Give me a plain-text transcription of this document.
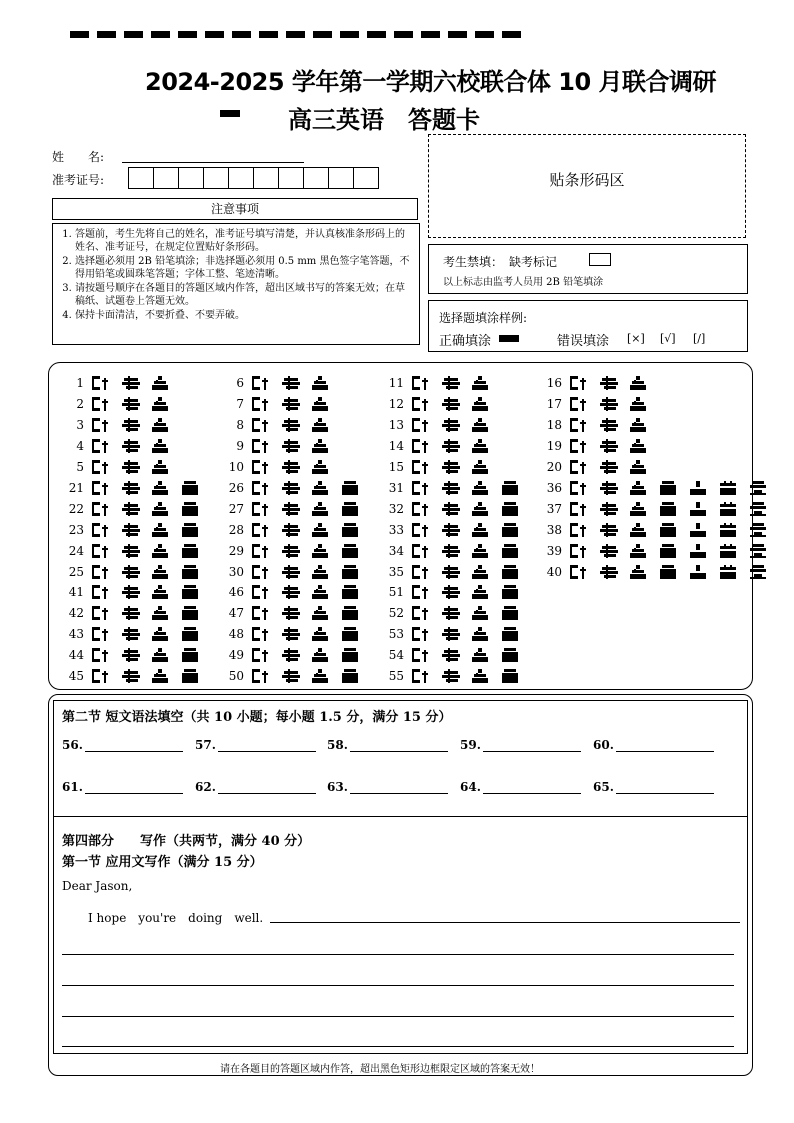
2024-2025 学年第一学期六校联合体 10 月联合调研
高三英语　答题卡
姓　　名:
准考证号:	贴条形码区
注意事项
1. 答题前，考生先将自己的姓名，准考证号填写清楚，并认真核准条形码上的姓名、准考证号，在规定位置贴好条形码。
2. 选择题必须用 2B 铅笔填涂；非选择题必须用 0.5 mm 黑色签字笔答题，不得用铅笔或圆珠笔答题；字体工整、笔迹清晰。
3. 请按题号顺序在各题目的答题区域内作答，超出区域书写的答案无效；在草稿纸、试题卷上答题无效。
4. 保持卡面清洁，不要折叠、不要弄破。
考生禁填：　缺考标记
以上标志由监考人员用 2B 铅笔填涂
选择题填涂样例:
正确填涂	错误填涂 [×] [√] [/]
1
2
3
4
5
6
7
8
9
10
11
12
13
14
15
16
17
18
19
20
21
22
23
24
25
26
27
28
29
30
31
32
33
34
35
36
37
38
39
40
41
42
43
44
45
46
47
48
49
50
51
52
53
54
55
第二节 短文语法填空（共 10 小题；每小题 1.5 分，满分 15 分）
56.	57.	58.	59.	60.
61.	62.	63.	64.	65.
第四部分　　写作（共两节，满分 40 分）
第一节 应用文写作（满分 15 分）
Dear Jason,
I hope　you're　doing　well.
请在各题目的答题区域内作答，超出黑色矩形边框限定区域的答案无效！
